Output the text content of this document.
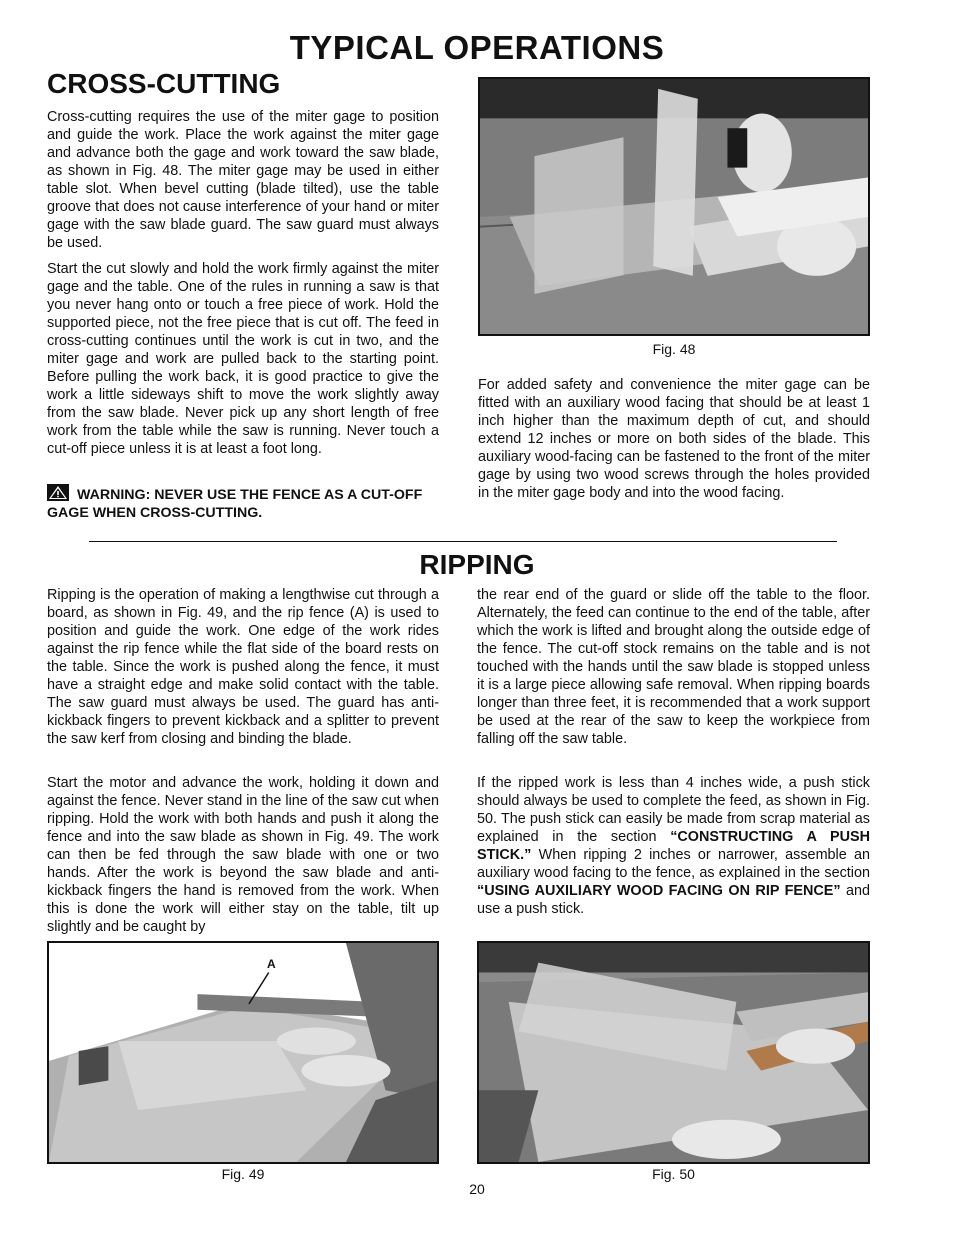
TYPICAL OPERATIONS
CROSS-CUTTING

Cross-cutting requires the use of the miter gage to position and guide the work. Place the work against the miter gage and advance both the gage and work toward the saw blade, as shown in Fig. 48. The miter gage may be used in either table slot. When bevel cutting (blade tilted), use the table groove that does not cause interference of your hand or miter gage with the saw blade guard. The saw guard must always be used.

Start the cut slowly and hold the work firmly against the miter gage and the table. One of the rules in running a saw is that you never hang onto or touch a free piece of work. Hold the supported piece, not the free piece that is cut off. The feed in cross-cutting continues until the work is cut in two, and the miter gage and work are pulled back to the starting point. Before pulling the work back, it is good practice to give the work a little sideways shift to move the work slightly away from the saw blade. Never pick up any short length of free work from the table while the saw is running. Never touch a cut-off piece unless it is at least a foot long.

WARNING: NEVER USE THE FENCE AS A CUT-OFF GAGE WHEN CROSS-CUTTING.
Fig. 48

For added safety and convenience the miter gage can be fitted with an auxiliary wood facing that should be at least 1 inch higher than the maximum depth of cut, and should extend 12 inches or more on both sides of the blade. This auxiliary wood-facing can be fastened to the front of the miter gage by using two wood screws through the holes provided in the miter gage body and into the wood facing.

RIPPING

Ripping is the operation of making a lengthwise cut through a board, as shown in Fig. 49, and the rip fence (A) is used to position and guide the work. One edge of the work rides against the rip fence while the flat side of the board rests on the table. Since the work is pushed along the fence, it must have a straight edge and make solid contact with the table. The saw guard must always be used. The guard has anti-kickback fingers to prevent kickback and a splitter to prevent the saw kerf from closing and binding the blade.

Start the motor and advance the work, holding it down and against the fence. Never stand in the line of the saw cut when ripping. Hold the work with both hands and push it along the fence and into the saw blade as shown in Fig. 49. The work can then be fed through the saw blade with one or two hands. After the work is beyond the saw blade and anti-kickback fingers the hand is removed from the work. When this is done the work will either stay on the table, tilt up slightly and be caught by

the rear end of the guard or slide off the table to the floor. Alternately, the feed can continue to the end of the table, after which the work is lifted and brought along the outside edge of the fence. The cut-off stock remains on the table and is not touched with the hands until the saw blade is stopped unless it is a large piece allowing safe removal. When ripping boards longer than three feet, it is recommended that a work support be used at the rear of the saw to keep the workpiece from falling off the saw table.

If the ripped work is less than 4 inches wide, a push stick should always be used to complete the feed, as shown in Fig. 50. The push stick can easily be made from scrap material as explained in the section “CONSTRUCTING A PUSH STICK.” When ripping 2 inches or narrower, assemble an auxiliary wood facing to the fence, as explained in the section “USING AUXILIARY WOOD FACING ON RIP FENCE” and use a push stick.

A
Fig. 49	Fig. 50
20
